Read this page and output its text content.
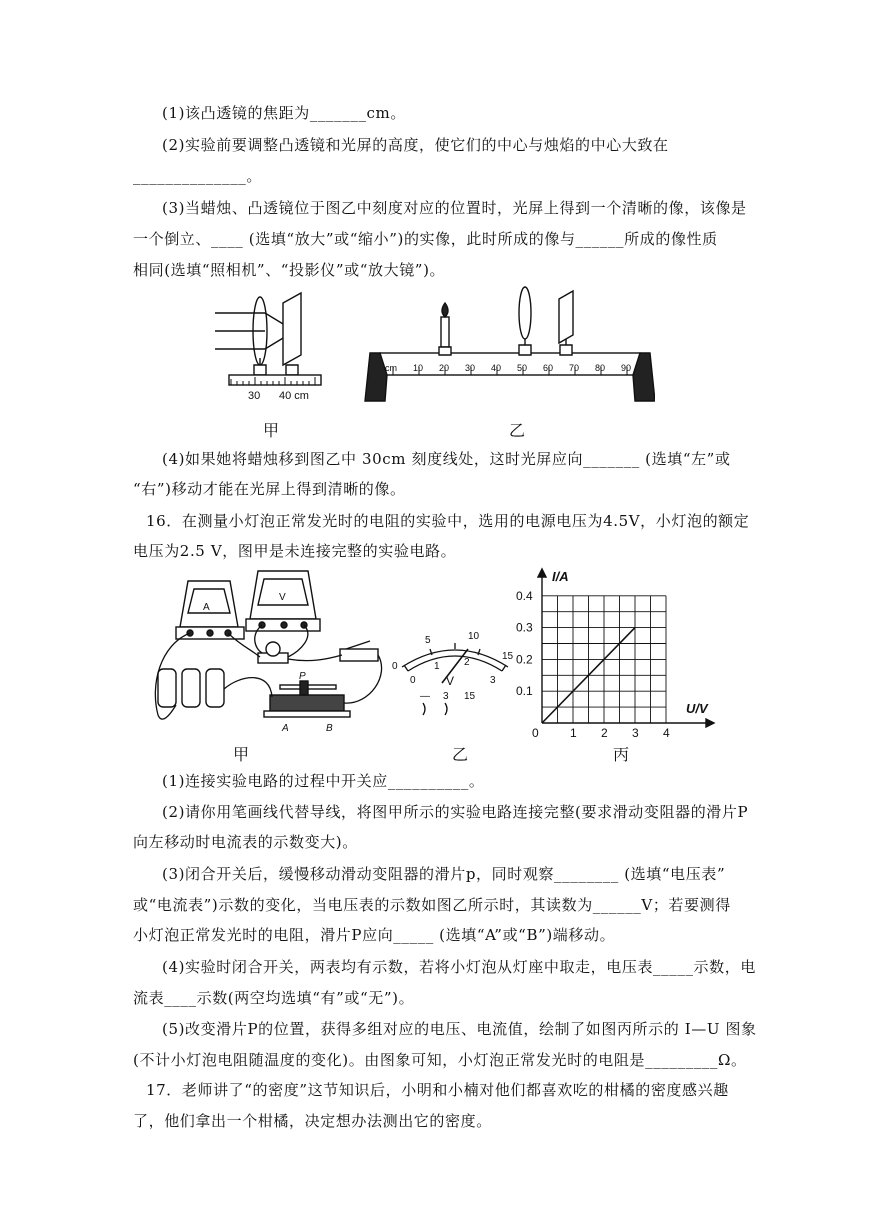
(1)该凸透镜的焦距为_______cm。
(2)实验前要调整凸透镜和光屏的高度，使它们的中心与烛焰的中心大致在
______________。
(3)当蜡烛、凸透镜位于图乙中刻度对应的位置时，光屏上得到一个清晰的像，该像是
一个倒立、____ (选填“放大”或“缩小”)的实像，此时所成的像与______所成的像性质
相同(选填“照相机”、“投影仪”或“放大镜”)。
30 40 cm
cm 10 20 30 40 50 60 70 80 90
甲	乙
(4)如果她将蜡烛移到图乙中 30cm 刻度线处，这时光屏应向_______ (选填“左”或
“右”)移动才能在光屏上得到清晰的像。
16．在测量小灯泡正常发光时的电阻的实验中，选用的电源电压为4.5V，小灯泡的额定
电压为2.5 V，图甲是未连接完整的实验电路。
A
V
P
A	B
5	10
0
15
0
1 2
3
V
— 3 15
I/A
U/V
0	1 2 3 4
0.1
0.2
0.3
0.4
甲	乙	丙
(1)连接实验电路的过程中开关应__________。
(2)请你用笔画线代替导线，将图甲所示的实验电路连接完整(要求滑动变阻器的滑片P
向左移动时电流表的示数变大)。
(3)闭合开关后，缓慢移动滑动变阻器的滑片p，同时观察________ (选填“电压表”
或“电流表”)示数的变化，当电压表的示数如图乙所示时，其读数为______V；若要测得
小灯泡正常发光时的电阻，滑片P应向_____ (选填“A”或“B”)端移动。
(4)实验时闭合开关，两表均有示数，若将小灯泡从灯座中取走，电压表_____示数，电
流表____示数(两空均选填“有”或“无”)。
(5)改变滑片P的位置，获得多组对应的电压、电流值，绘制了如图丙所示的 I—U 图象
(不计小灯泡电阻随温度的变化)。由图象可知，小灯泡正常发光时的电阻是_________Ω。
17．老师讲了“的密度”这节知识后，小明和小楠对他们都喜欢吃的柑橘的密度感兴趣
了，他们拿出一个柑橘，决定想办法测出它的密度。
